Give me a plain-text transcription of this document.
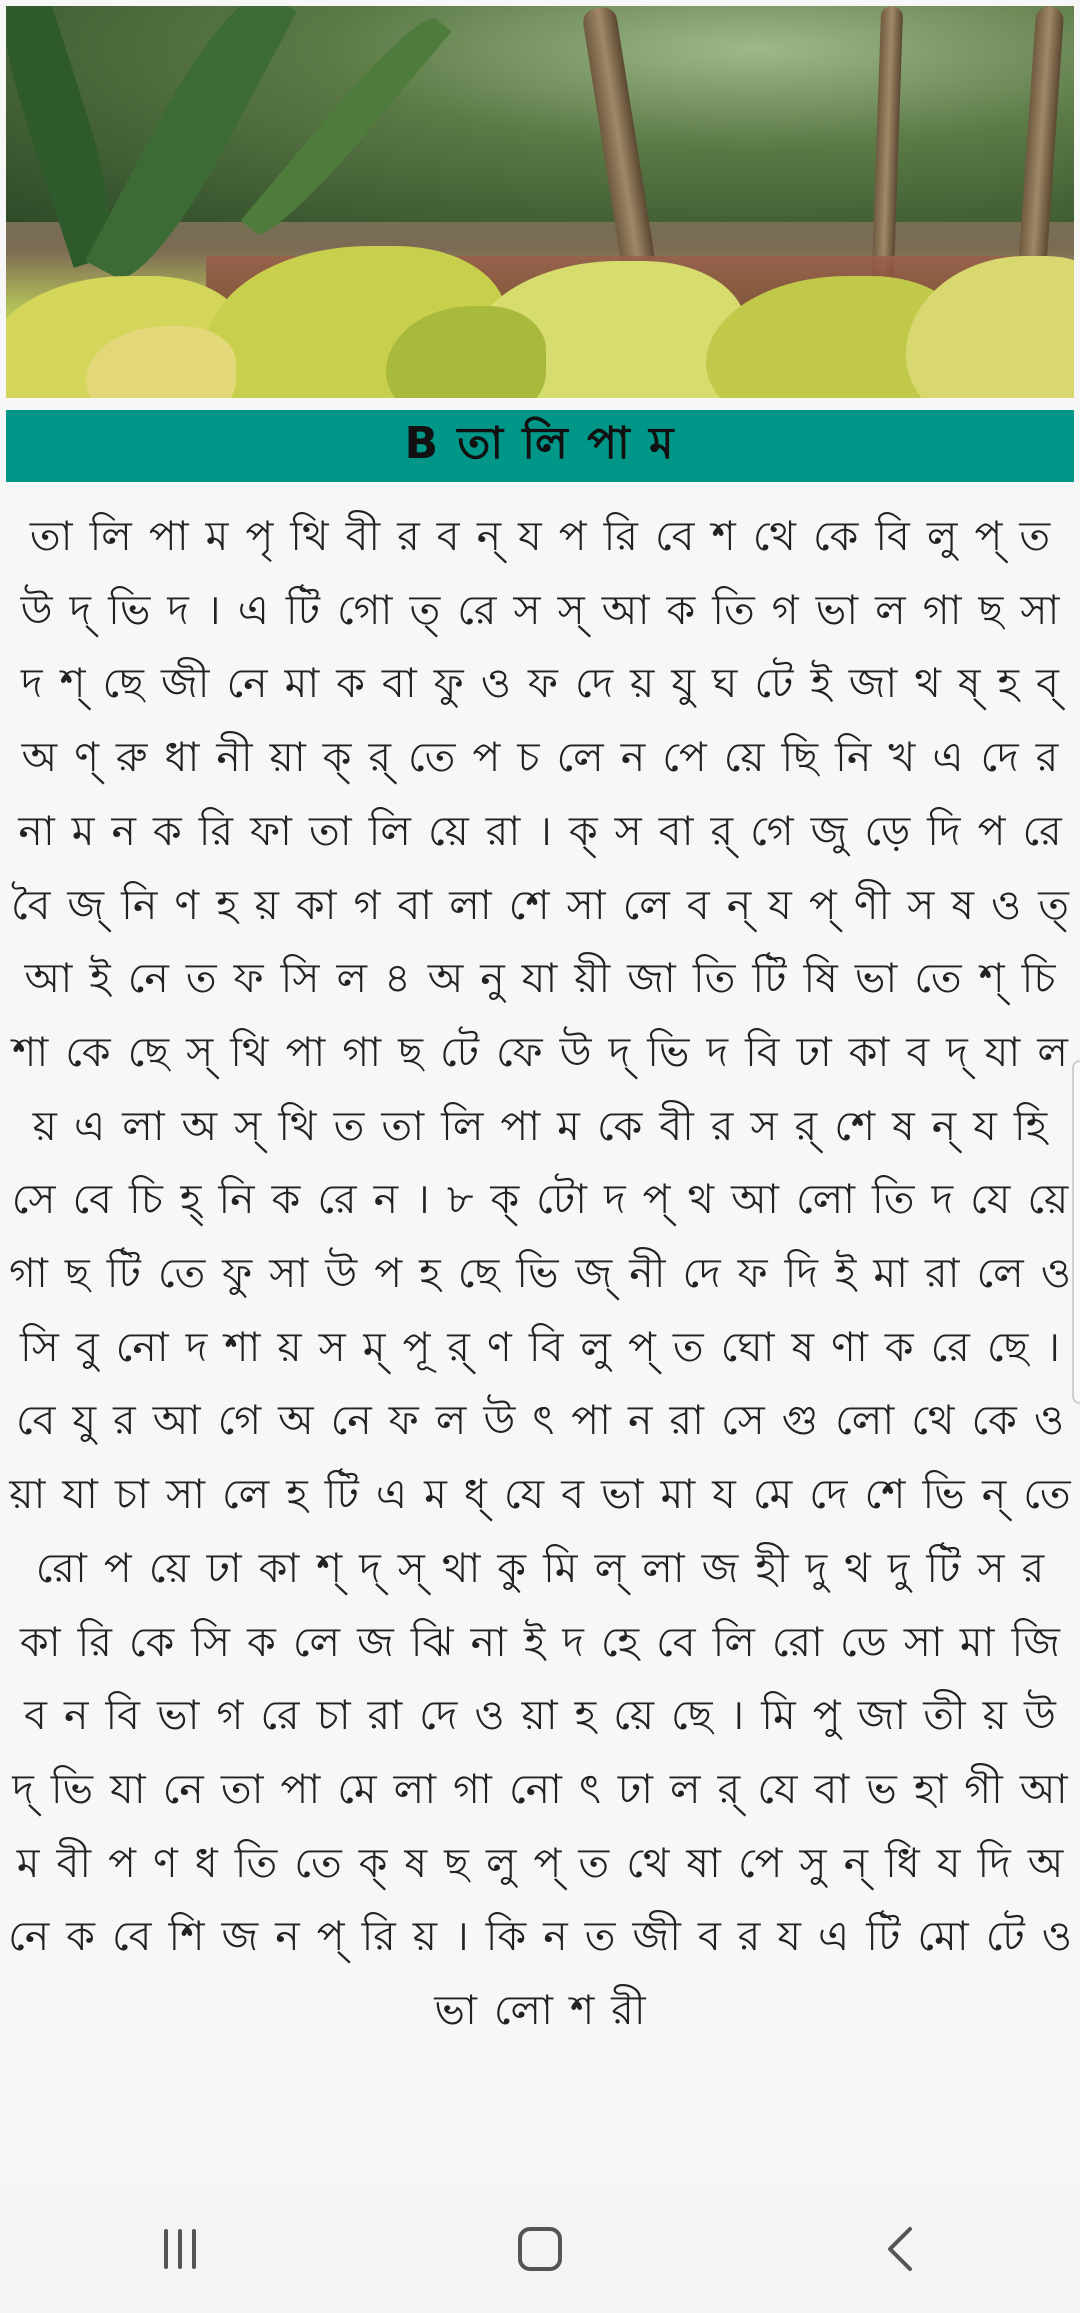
B তা লি পা ম

তা লি পা ম পৃ থি বী র ব ন্ য প রি বে শ থে কে বি লু প্ ত উ দ্ ভি দ । এ টি গো ত্ রে স স্ আ ক তি গ ভা ল গা ছ সা দ শ্ ছে জী নে মা ক বা ফু ও ফ দে য় যু ঘ টে ই জা থ ষ্ হ ব্ অ ণ্ রু ধা নী য়া ক্ র্ তে প চ লে ন পে য়ে ছি নি খ এ দে র না ম ন ক রি ফা তা লি য়ে রা । ক্ স বা র্ গে জু ড়ে দি প রে বৈ জ্ নি ণ হ য় কা গ বা লা শে সা লে ব ন্ য প্ ণী স ষ ও ত্ আ ই নে ত ফ সি ল ৪ অ নু যা য়ী জা তি টি ষি ভা তে শ্ চি শা কে ছে স্ থি পা গা ছ টে ফে উ দ্ ভি দ বি ঢা কা ব দ্ যা ল য় এ লা অ স্ থি ত তা লি পা ম কে বী র স র্ শে ষ ন্ য হি সে বে চি হ্ নি ক রে ন । ৮ ক্ টো দ প্ থ আ লো তি দ যে য়ে গা ছ টি তে ফু সা উ প হ ছে ভি জ্ নী দে ফ দি ই মা রা লে ও সি বু নো দ শা য় স ম্ পূ র্ ণ বি লু প্ ত ঘো ষ ণা ক রে ছে । বে যু র আ গে অ নে ফ ল উ ৎ পা ন রা সে গু লো থে কে ও য়া যা চা সা লে হ টি এ ম ধ্ যে ব ভা মা য মে দে শে ভি ন্ তে রো প য়ে ঢা কা শ্ দ্ স্ থা কু মি ল্ লা জ হী দু থ দু টি স র কা রি কে সি ক লে জ ঝি না ই দ হে বে লি রো ডে সা মা জি ব ন বি ভা গ রে চা রা দে ও য়া হ য়ে ছে । মি পু জা তী য় উ দ্ ভি যা নে তা পা মে লা গা নো ৎ ঢা ল র্ যে বা ভ হা গী আ ম বী প ণ ধ তি তে ক্ ষ ছ লু প্ ত থে ষা পে সু ন্ ধি য দি অ নে ক বে শি জ ন প্ রি য় । কি ন ত জী ব র য এ টি মো টে ও ভা লো শ রী
